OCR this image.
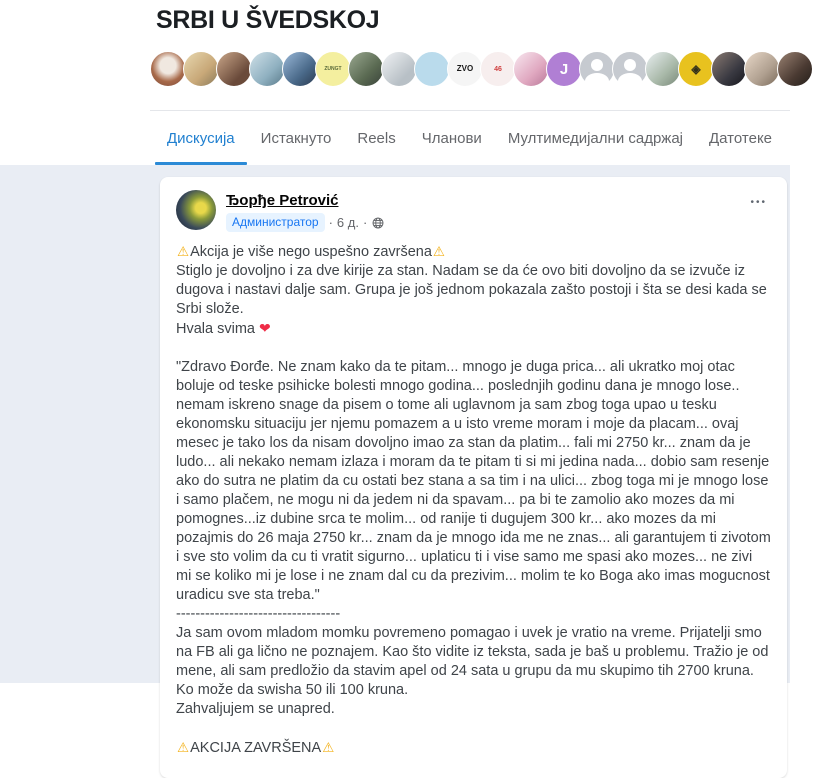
SRBI U ŠVEDSKOJ
ZUNGT	ZVO	46	J	◈
Дискусија Истакнуто Reels Чланови Мултимедијални садржај Датотеке
Ђорђе Petrović
Администратор · 6 д. ·
•••

⚠Akcija je više nego uspešno završena⚠

Stiglo je dovoljno i za dve kirije za stan. Nadam se da će ovo biti dovoljno da se izvuče iz dugova i nastavi dalje sam. Grupa je još jednom pokazala zašto postoji i šta se desi kada se Srbi slože.

Hvala svima ❤

"Zdravo Đorđe. Ne znam kako da te pitam... mnogo je duga prica... ali ukratko moj otac boluje od teske psihicke bolesti mnogo godina... poslednjih godinu dana je mnogo lose.. nemam iskreno snage da pisem o tome ali uglavnom ja sam zbog toga upao u tesku ekonomsku situaciju jer njemu pomazem a u isto vreme moram i moje da placam... ovaj mesec je tako los da nisam dovoljno imao za stan da platim... fali mi 2750 kr... znam da je ludo... ali nekako nemam izlaza i moram da te pitam ti si mi jedina nada... dobio sam resenje ako do sutra ne platim da cu ostati bez stana a sa tim i na ulici... zbog toga mi je mnogo lose i samo plačem, ne mogu ni da jedem ni da spavam... pa bi te zamolio ako mozes da mi pomognes...iz dubine srca te molim... od ranije ti dugujem 300 kr... ako mozes da mi pozajmis do 26 maja 2750 kr... znam da je mnogo ida me ne znas... ali garantujem ti zivotom i sve sto volim da cu ti vratit sigurno... uplaticu ti i vise samo me spasi ako mozes... ne zivi mi se koliko mi je lose i ne znam dal cu da prezivim... molim te ko Boga ako imas mogucnost uradicu sve sta treba."

----------------------------------

Ja sam ovom mladom momku povremeno pomagao i uvek je vratio na vreme. Prijatelji smo na FB ali ga lično ne poznajem. Kao što vidite iz teksta, sada je baš u problemu. Tražio je od mene, ali sam predložio da stavim apel od 24 sata u grupu da mu skupimo tih 2700 kruna.

Ko može da swisha 50 ili 100 kruna.

Zahvaljujem se unapred.

⚠AKCIJA ZAVRŠENA⚠
